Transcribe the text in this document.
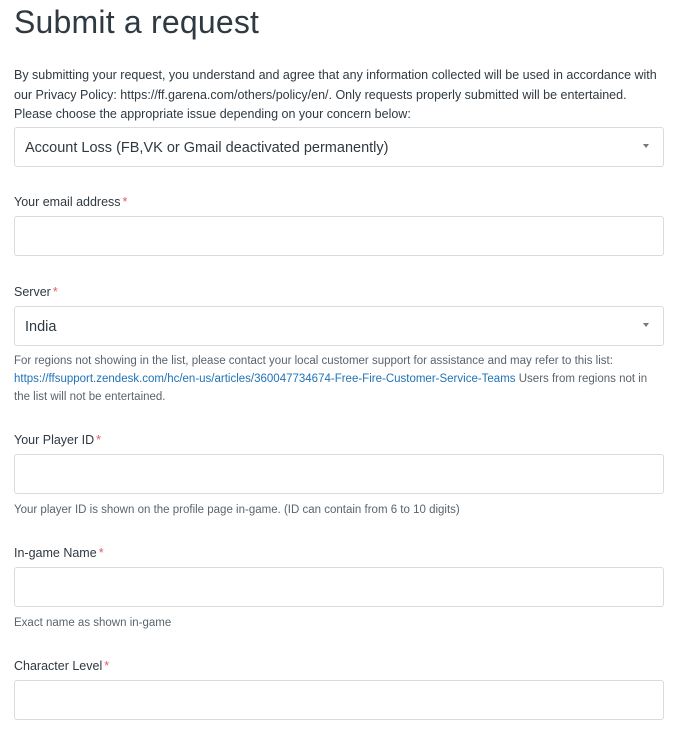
Submit a request
By submitting your request, you understand and agree that any information collected will be used in accordance with our Privacy Policy: https://ff.garena.com/others/policy/en/. Only requests properly submitted will be entertained. Please choose the appropriate issue depending on your concern below:
Account Loss (FB,VK or Gmail deactivated permanently)
Your email address *
Server *
India
For regions not showing in the list, please contact your local customer support for assistance and may refer to this list: https://ffsupport.zendesk.com/hc/en-us/articles/360047734674-Free-Fire-Customer-Service-Teams Users from regions not in the list will not be entertained.
Your Player ID *
Your player ID is shown on the profile page in-game. (ID can contain from 6 to 10 digits)
In-game Name *
Exact name as shown in-game
Character Level *
